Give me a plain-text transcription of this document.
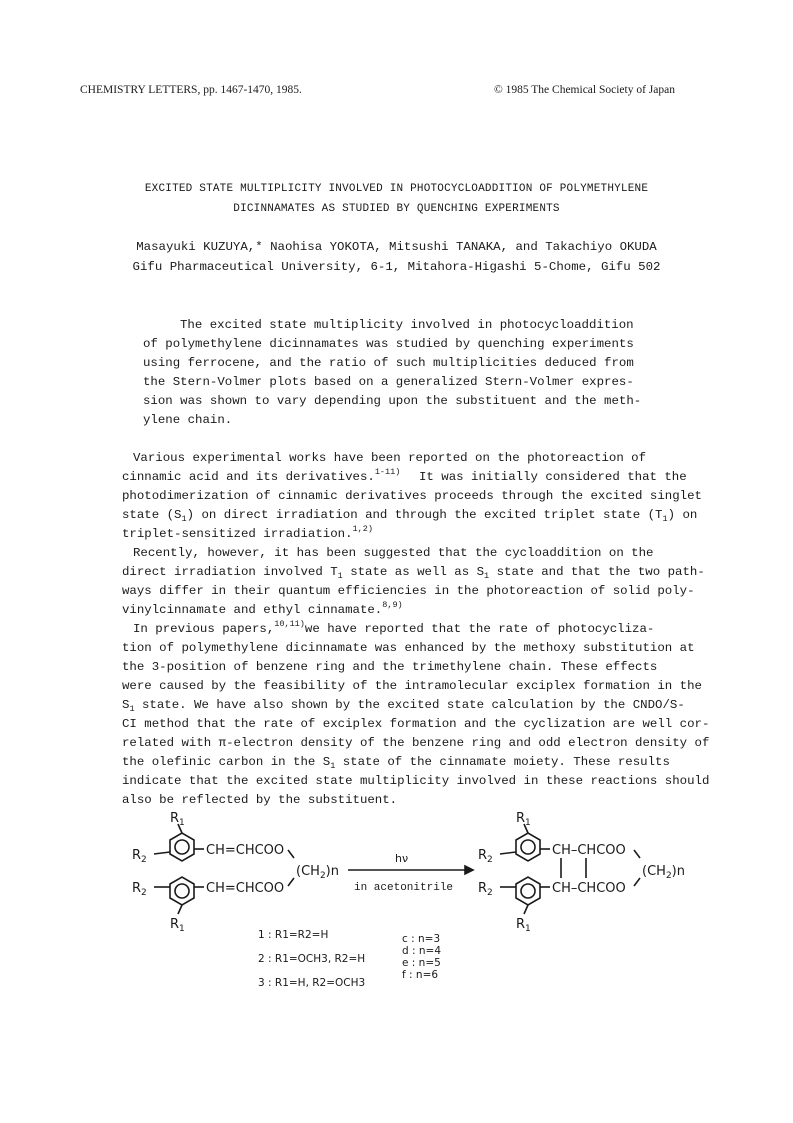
CHEMISTRY LETTERS, pp. 1467-1470, 1985.	© 1985 The Chemical Society of Japan
EXCITED STATE MULTIPLICITY INVOLVED IN PHOTOCYCLOADDITION OF POLYMETHYLENE
DICINNAMATES AS STUDIED BY QUENCHING EXPERIMENTS
Masayuki KUZUYA,* Naohisa YOKOTA, Mitsushi TANAKA, and Takachiyo OKUDA
Gifu Pharmaceutical University, 6-1, Mitahora-Higashi 5-Chome, Gifu 502
The excited state multiplicity involved in photocycloaddition
of polymethylene dicinnamates was studied by quenching experiments
using ferrocene, and the ratio of such multiplicities deduced from
the Stern-Volmer plots based on a generalized Stern-Volmer expres-
sion was shown to vary depending upon the substituent and the meth-
ylene chain.
Various experimental works have been reported on the photoreaction of
cinnamic acid and its derivatives.$^{1-11)}$ It was initially considered that the
photodimerization of cinnamic derivatives proceeds through the excited singlet
state $(S_1)$ on direct irradiation and through the excited triplet state $(T_1)$ on
triplet-sensitized irradiation.$^{1,2)}$
Recently, however, it has been suggested that the cycloaddition on the
direct irradiation involved $T_1$ state as well as $S_1$ state and that the two path-
ways differ in their quantum efficiencies in the photoreaction of solid poly-
vinylcinnamate and ethyl cinnamate.$^{8,9)}$
In previous papers,$^{10,11)}$we have reported that the rate of photocycliza-
tion of polymethylene dicinnamate was enhanced by the methoxy substitution at
the 3-position of benzene ring and the trimethylene chain. These effects
were caused by the feasibility of the intramolecular exciplex formation in the
$S_1$ state. We have also shown by the excited state calculation by the CNDO/S-
CI method that the rate of exciplex formation and the cyclization are well cor-
related with π-electron density of the benzene ring and odd electron density of
the olefinic carbon in the $S_1$ state of the cinnamate moiety. These results
indicate that the excited state multiplicity involved in these reactions should
also be reflected by the substituent.
$R_1$
$R_2$
CH=CHCOO
$(CH_2)n$
$R_2$	CH=CHCOO
$R_1$
hν
in acetonitrile
$R_1$
$R_2$
CH–CHCOO
$(CH_2)n$
$R_2$	CH–CHCOO
$R_1$
1 : R1=R2=H
2 : R1=OCH3, R2=H
3 : R1=H, R2=OCH3
c : n=3
d : n=4
e : n=5
f : n=6
